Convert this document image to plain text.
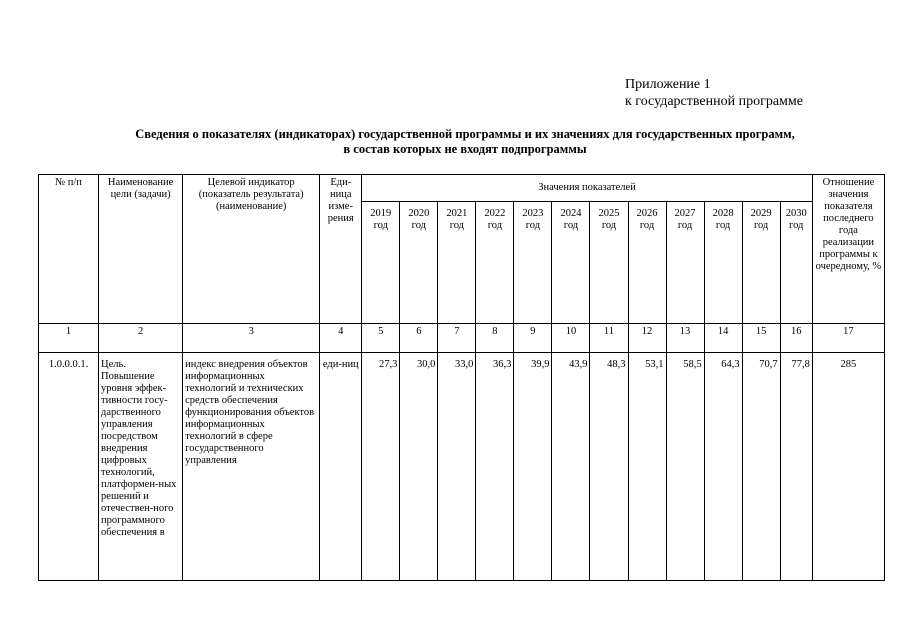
Приложение 1
к государственной программе
Сведения о показателях (индикаторах) государственной программы и их значениях для государственных программ,
в состав которых не входят подпрограммы
№ п/п	Наименование цели (задачи)	Целевой индикатор (показатель результата) (наименование)	Еди-ница изме-рения	Значения показателей												Отношение значения показателя последнего года реализации программы к очередному, %
				2019 год	2020 год	2021 год	2022 год	2023 год	2024 год	2025 год	2026 год	2027 год	2028 год	2029 год	2030 год	
1	2	3	4	5	6	7	8	9	10	11	12	13	14	15	16	17
1.0.0.0.1.	Цель. Повышение уровня эффек-тивности госу-дарственного управления посредством внедрения цифровых технологий, платформен-ных решений и отечествен-ного программного обеспечения в	индекс внедрения объектов информационных технологий и технических средств обеспечения функционирования объектов информационных технологий в сфере государственного управления	еди-ниц	27,3	30,0	33,0	36,3	39,9	43,9	48,3	53,1	58,5	64,3	70,7	77,8	285
